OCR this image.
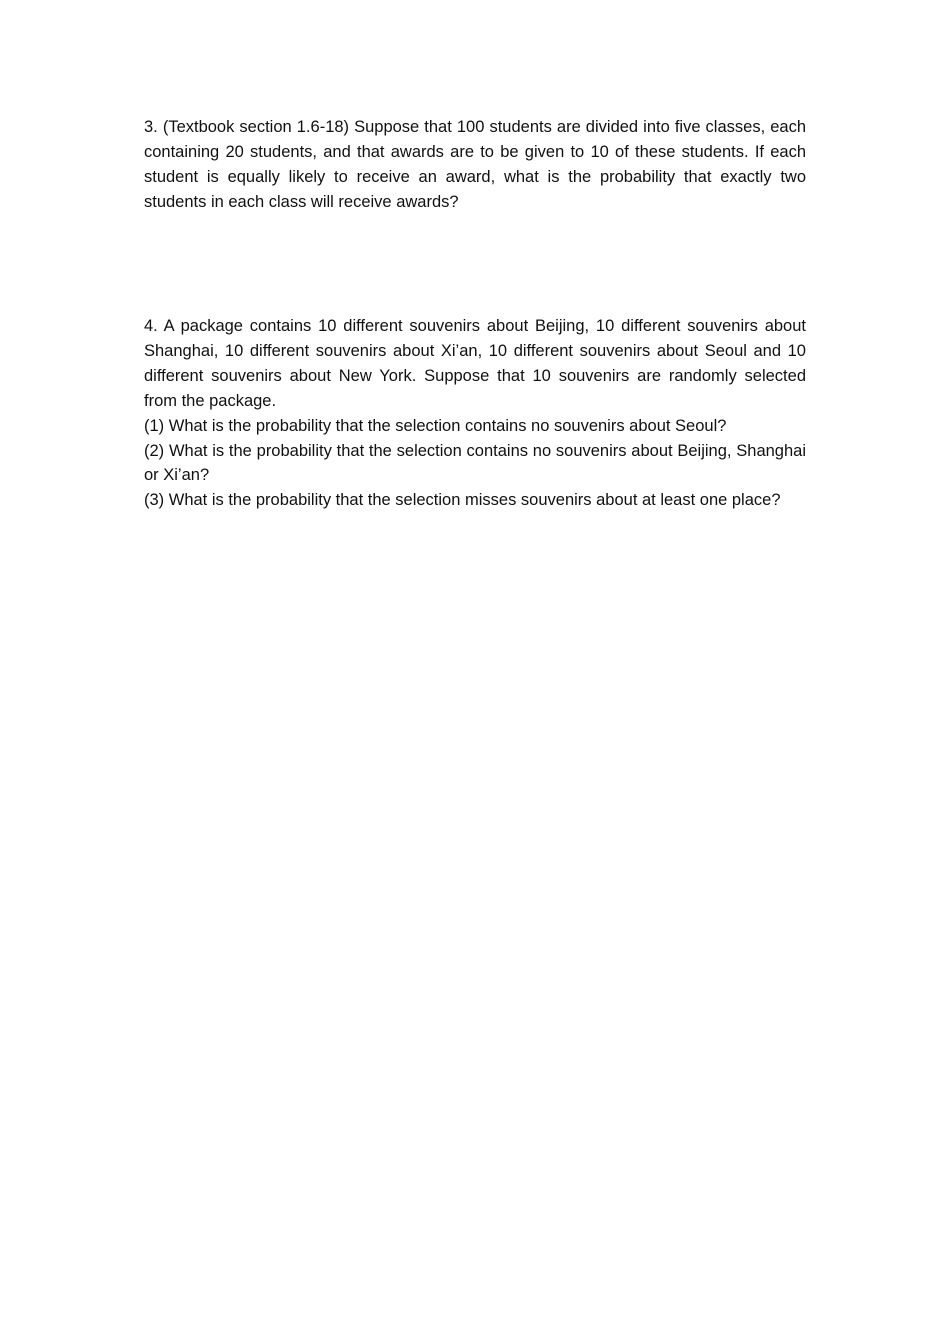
3. (Textbook section 1.6-18) Suppose that 100 students are divided into five classes, each containing 20 students, and that awards are to be given to 10 of these students. If each student is equally likely to receive an award, what is the probability that exactly two students in each class will receive awards?

4. A package contains 10 different souvenirs about Beijing, 10 different souvenirs about Shanghai, 10 different souvenirs about Xi’an, 10 different souvenirs about Seoul and 10 different souvenirs about New York. Suppose that 10 souvenirs are randomly selected from the package.

(1) What is the probability that the selection contains no souvenirs about Seoul?

(2) What is the probability that the selection contains no souvenirs about Beijing, Shanghai or Xi’an?

(3) What is the probability that the selection misses souvenirs about at least one place?
